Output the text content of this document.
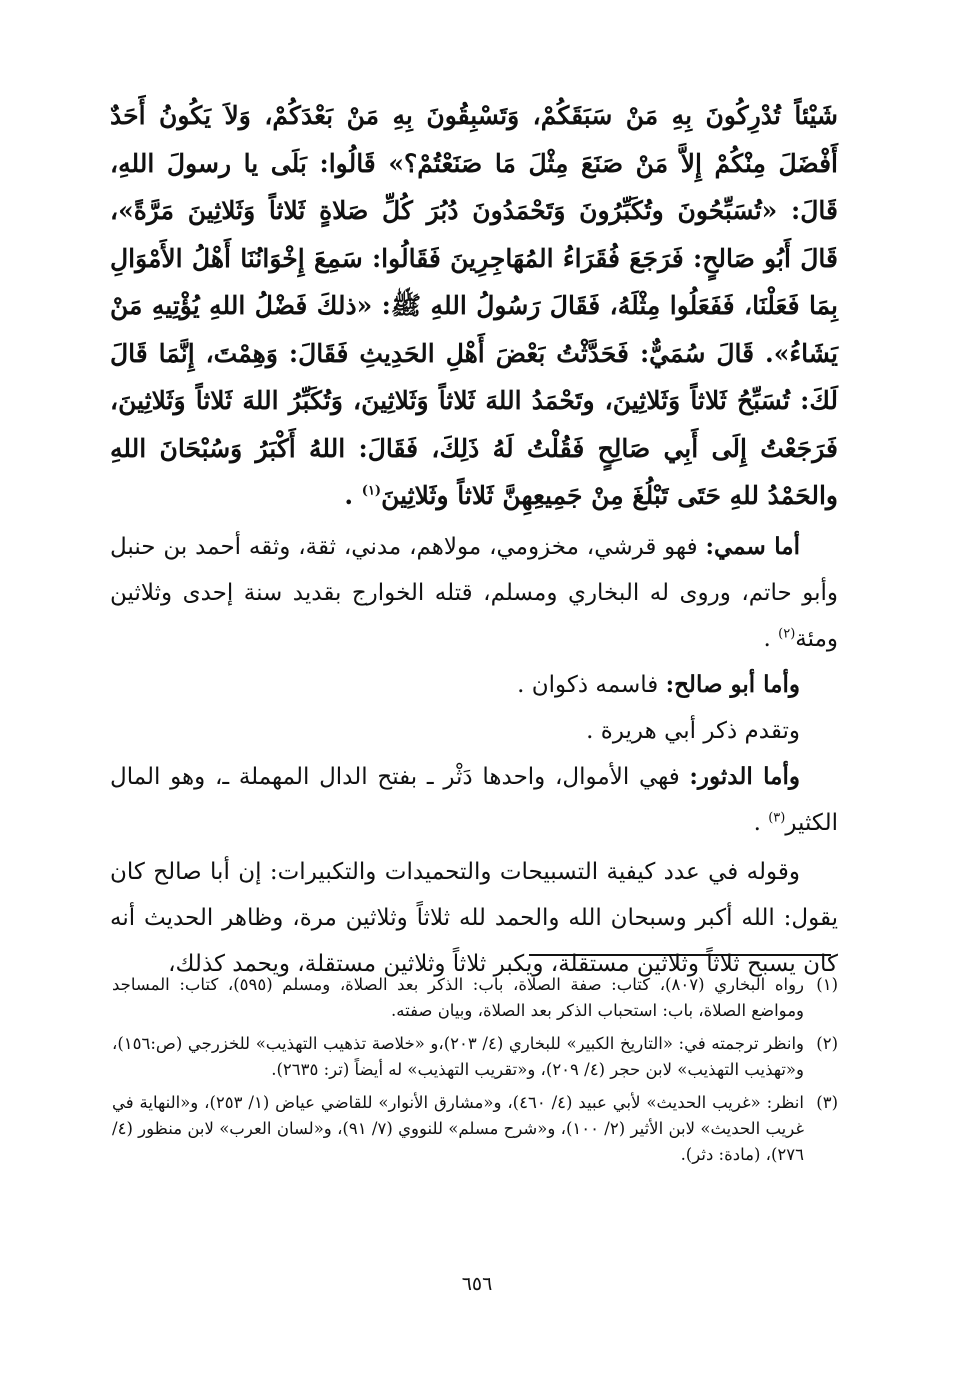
شَيْئاً تُدْرِكُونَ بِهِ مَنْ سَبَقَكُمْ، وَتَسْبِقُونَ بِهِ مَنْ بَعْدَكُمْ، وَلاَ يَكُونُ أَحَدٌ أَفْضَلَ مِنْكُمْ إِلاَّ مَنْ صَنَعَ مِثْلَ مَا صَنَعْتُمْ؟» قَالُوا: بَلَى يا رسولَ اللهِ، قَالَ: «تُسَبِّحُونَ وتُكَبِّرُونَ وَتَحْمَدُونَ دُبُرَ كُلِّ صَلاةٍ ثَلاثاً وَثَلاثِينَ مَرَّةً»، قَالَ أَبُو صَالحٍ: فَرَجَعَ فُقَرَاءُ المُهَاجِرِينَ فَقَالُوا: سَمِعَ إِخْوَانُنَا أَهْلُ الأَمْوَالِ بِمَا فَعَلْنَا، فَفَعَلُوا مِثْلَهُ، فَقَالَ رَسُولُ اللهِ ﷺ: «ذلكَ فَضْلُ اللهِ يُؤْتِيهِ مَنْ يَشَاءُ». قَالَ سُمَيٌّ: فَحَدَّثْتُ بَعْضَ أَهْلِ الحَدِيثِ فَقَالَ: وَهِمْتَ، إِنَّمَا قَالَ لَكَ: تُسَبِّحُ ثَلاثاً وَثَلاثِينَ، وتَحْمَدُ اللهَ ثَلاثاً وَثَلاثِينَ، وَتُكَبِّرُ اللهَ ثَلاثاً وَثَلاثِينَ، فَرَجَعْتُ إِلَى أَبِي صَالِحٍ فَقُلْتُ لَهُ ذَلِكَ، فَقَالَ: اللهُ أَكْبَرُ وَسُبْحَانَ اللهِ والحَمْدُ للهِ حَتَى تَبْلُغَ مِنْ جَمِيعِهِنَّ ثَلاثاً وثَلاثِينَ$^{(١)}$ .

أما سمي: فهو قرشي، مخزومي، مولاهم، مدني، ثقة، وثقه أحمد بن حنبل وأبو حاتم، وروى له البخاري ومسلم، قتله الخوارج بقديد سنة إحدى وثلاثين ومئة$^{(٢)}$ .

وأما أبو صالح: فاسمه ذكوان .

وتقدم ذكر أبي هريرة .

وأما الدثور: فهي الأموال، واحدها دَثْر ـ بفتح الدال المهملة ـ، وهو المال الكثير$^{(٣)}$ .

وقوله في عدد كيفية التسبيحات والتحميدات والتكبيرات: إن أبا صالح كان يقول: الله أكبر وسبحان الله والحمد لله ثلاثاً وثلاثين مرة، وظاهر الحديث أنه كان يسبح ثلاثاً وثلاثين مستقلة، ويكبر ثلاثاً وثلاثين مستقلة، ويحمد كذلك،

(١)
رواه البخاري (٨٠٧)، كتاب: صفة الصلاة، باب: الذكر بعد الصلاة، ومسلم (٥٩٥)، كتاب: المساجد ومواضع الصلاة، باب: استحباب الذكر بعد الصلاة، وبيان صفته.
(٢)
وانظر ترجمته في: «التاريخ الكبير» للبخاري (٤/ ٢٠٣)،و «خلاصة تذهيب التهذيب» للخزرجي (ص:١٥٦)، و«تهذيب التهذيب» لابن حجر (٤/ ٢٠٩)، و«تقريب التهذيب» له أيضاً (تر: ٢٦٣٥).
(٣)
انظر: «غريب الحديث» لأبي عبيد (٤/ ٤٦٠)، و«مشارق الأنوار» للقاضي عياض (١/ ٢٥٣)، و«النهاية في غريب الحديث» لابن الأثير (٢/ ١٠٠)، و«شرح مسلم» للنووي (٧/ ٩١)، و«لسان العرب» لابن منظور (٤/ ٢٧٦)، (مادة: دثر).
٦٥٦
